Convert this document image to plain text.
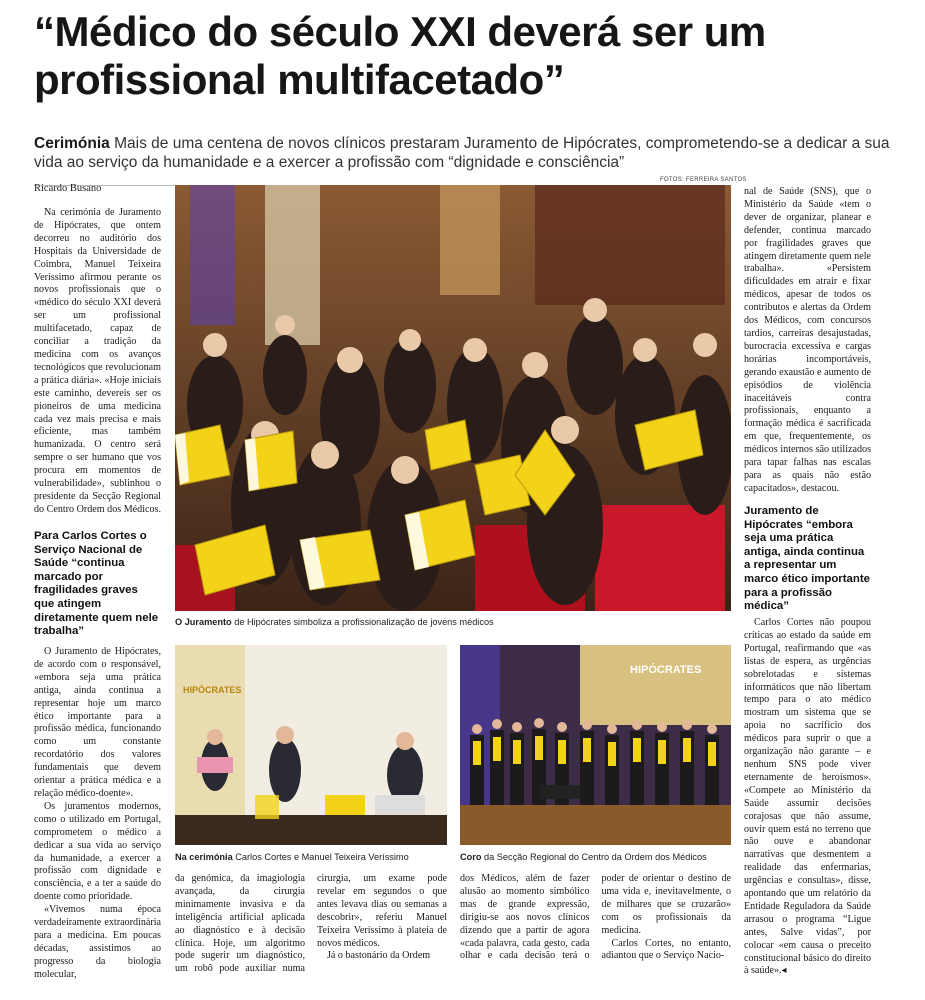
“Médico do século XXI deverá ser um profissional multifacetado”
Cerimónia Mais de uma centena de novos clínicos prestaram Juramento de Hipócrates, comprometendo-se a dedicar a sua vida ao serviço da humanidade e a exercer a profissão com “dignidade e consciência”
FOTOS: FERREIRA SANTOS
Ricardo Busano

Na cerimónia de Juramento de Hipócrates, que ontem decorreu no auditório dos Hospitais da Universidade de Coimbra, Manuel Teixeira Veríssimo afirmou perante os novos profissionais que o «médico do século XXI deverá ser um profissional multifacetado, capaz de conciliar a tradição da medicina com os avanços tecnológicos que revolucionam a prática diária». «Hoje iniciais este caminho, devereis ser os pioneiros de uma medicina cada vez mais precisa e mais eficiente, mas também humanizada. O centro será sempre o ser humano que vos procura em momentos de vulnerabilidade», sublinhou o presidente da Secção Regional do Centro Ordem dos Médicos.

Para Carlos Cortes o Serviço Nacional de Saúde “continua marcado por fragilidades graves que atingem diretamente quem nele trabalha”

O Juramento de Hipócrates, de acordo com o responsável, «embora seja uma prática antiga, ainda continua a representar hoje um marco ético importante para a profissão médica, funcionando como um constante recordatório dos valores fundamentais que devem orientar a prática médica e a relação médico-doente».

Os juramentos modernos, como o utilizado em Portugal, comprometem o médico a dedicar a sua vida ao serviço da humanidade, a exercer a profissão com dignidade e consciência, e a ter a saúde do doente como prioridade.

«Vivemos numa época verdadeiramente extraordinária para a medicina. Em poucas décadas, assistimos ao progresso da biologia molecular,

O Juramento de Hipócrates simboliza a profissionalização de jovens médicos

nal de Saúde (SNS), que o Ministério da Saúde «tem o dever de organizar, planear e defender, continua marcado por fragilidades graves que atingem diretamente quem nele trabalha». «Persistem dificuldades em atrair e fixar médicos, apesar de todos os contributos e alertas da Ordem dos Médicos, com concursos tardios, carreiras desajustadas, burocracia excessiva e cargas horárias incomportáveis, gerando exaustão e aumento de episódios de violência inaceitáveis contra profissionais, enquanto a formação médica é sacrificada em que, frequentemente, os médicos internos são utilizados para tapar falhas nas escalas para as quais não estão capacitados», destacou.

Juramento de Hipócrates “embora seja uma prática antiga, ainda continua a representar um marco ético importante para a profissão médica”

Carlos Cortes não poupou críticas ao estado da saúde em Portugal, reafirmando que «as listas de espera, as urgências sobrelotadas e sistemas informáticos que não libertam tempo para o ato médico mostram um sistema que se apoia no sacrifício dos médicos para suprir o que a organização não garante – e nenhum SNS pode viver eternamente de heroísmos». «Compete ao Ministério da Saúde assumir decisões corajosas que não assume, ouvir quem está no terreno que não ouve e abandonar narrativas que desmentem a realidade das enfermarias, urgências e consultas», disse, apontando que um relatório da Entidade Reguladora da Saúde arrasou o programa “Ligue antes, Salve vidas”, por colocar «em causa o preceito constitucional básico do direito à saúde».◂

HIPÓCRATES
Na cerimónia Carlos Cortes e Manuel Teixeira Veríssimo
HIPÓCRATES
Coro da Secção Regional do Centro da Ordem dos Médicos

da genómica, da imagiologia avançada, da cirurgia minimamente invasiva e da inteligência artificial aplicada ao diagnóstico e à decisão clínica. Hoje, um algoritmo pode sugerir um diagnóstico, um robô pode auxiliar numa cirurgia, um exame pode revelar em segundos o que antes levava dias ou semanas a descobrir», referiu Manuel Teixeira Veríssimo à plateia de novos médicos.

Já o bastonário da Ordem

dos Médicos, além de fazer alusão ao momento simbólico mas de grande expressão, dirigiu-se aos novos clínicos dizendo que a partir de agora «cada palavra, cada gesto, cada olhar e cada decisão terá o poder de orientar o destino de uma vida e, inevitavelmente, o de milhares que se cruzarão» com os profissionais da medicina.

Carlos Cortes, no entanto, adiantou que o Serviço Nacio-
